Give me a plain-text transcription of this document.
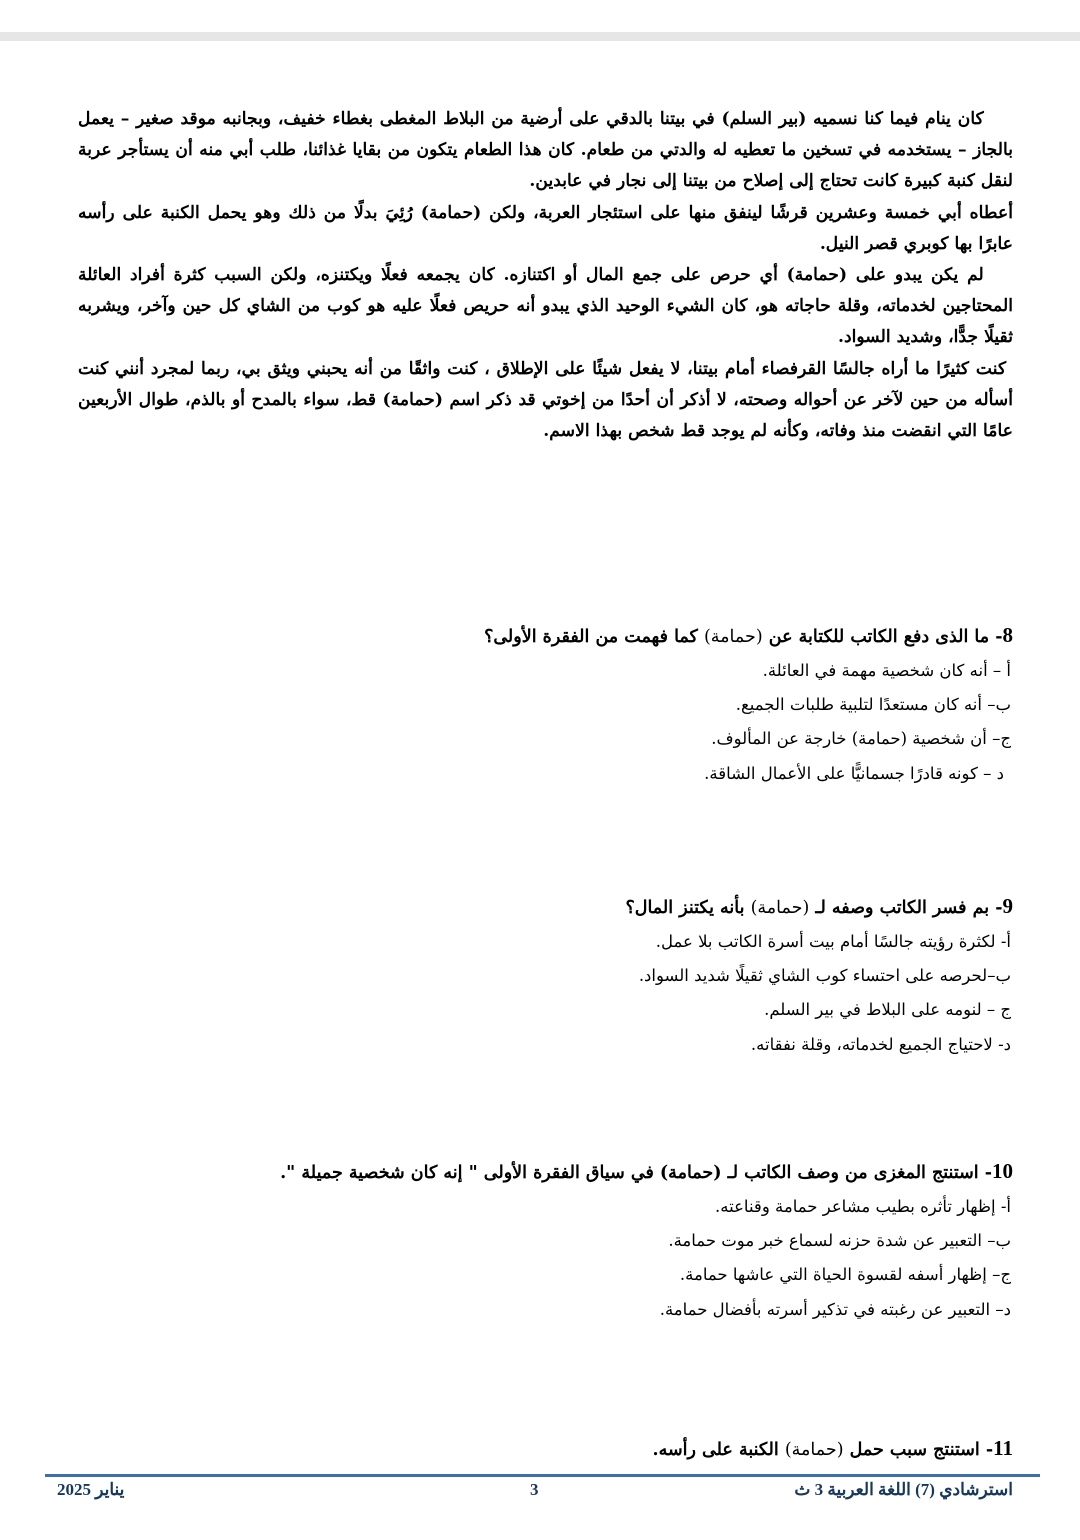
كان ينام فيما كنا نسميه (بير السلم) في بيتنا بالدقي على أرضية من البلاط المغطى بغطاء خفيف، وبجانبه موقد صغير – يعمل بالجاز – يستخدمه في تسخين ما تعطيه له والدتي من طعام. كان هذا الطعام يتكون من بقايا غذائنا، طلب أبي منه أن يستأجر عربة لنقل كنبة كبيرة كانت تحتاج إلى إصلاح من بيتنا إلى نجار في عابدين.

أعطاه أبي خمسة وعشرين قرشًا لينفق منها على استئجار العربة، ولكن (حمامة) رُئِيَ بدلًا من ذلك وهو يحمل الكنبة على رأسه عابرًا بها كوبري قصر النيل.

لم يكن يبدو على (حمامة) أي حرص على جمع المال أو اكتنازه. كان يجمعه فعلًا ويكتنزه، ولكن السبب كثرة أفراد العائلة المحتاجين لخدماته، وقلة حاجاته هو، كان الشيء الوحيد الذي يبدو أنه حريص فعلًا عليه هو كوب من الشاي كل حين وآخر، ويشربه ثقيلًا جدًّا، وشديد السواد.

كنت كثيرًا ما أراه جالسًا القرفصاء أمام بيتنا، لا يفعل شيئًا على الإطلاق ، كنت واثقًا من أنه يحبني ويثق بي، ربما لمجرد أنني كنت أسأله من حين لآخر عن أحواله وصحته، لا أذكر أن أحدًا من إخوتي قد ذكر اسم (حمامة) قط، سواء بالمدح أو بالذم، طوال الأربعين عامًا التي انقضت منذ وفاته، وكأنه لم يوجد قط شخص بهذا الاسم.

8- ما الذى دفع الكاتب للكتابة عن (حمامة) كما فهمت من الفقرة الأولى؟

أ – أنه كان شخصية مهمة في العائلة.

ب– أنه كان مستعدًا لتلبية طلبات الجميع.

ج– أن شخصية (حمامة) خارجة عن المألوف.

د – كونه قادرًا جسمانيًّا على الأعمال الشاقة.

9- بم فسر الكاتب وصفه لـ (حمامة) بأنه يكتنز المال؟

أ- لكثرة رؤيته جالسًا أمام بيت أسرة الكاتب بلا عمل.

ب–لحرصه على احتساء كوب الشاي ثقيلًا شديد السواد.

ج – لنومه على البلاط في بير السلم.

د- لاحتياج الجميع لخدماته، وقلة نفقاته.

10- استنتج المغزى من وصف الكاتب لـ (حمامة) في سياق الفقرة الأولى " إنه كان شخصية جميلة ".

أ- إظهار تأثره بطيب مشاعر حمامة وقناعته.

ب– التعبير عن شدة حزنه لسماع خبر موت حمامة.

ج– إظهار أسفه لقسوة الحياة التي عاشها حمامة.

د– التعبير عن رغبته في تذكير أسرته بأفضال حمامة.

11- استنتج سبب حمل (حمامة) الكنبة على رأسه.

استرشادي (7) اللغة العربية 3 ث
3
يناير 2025
